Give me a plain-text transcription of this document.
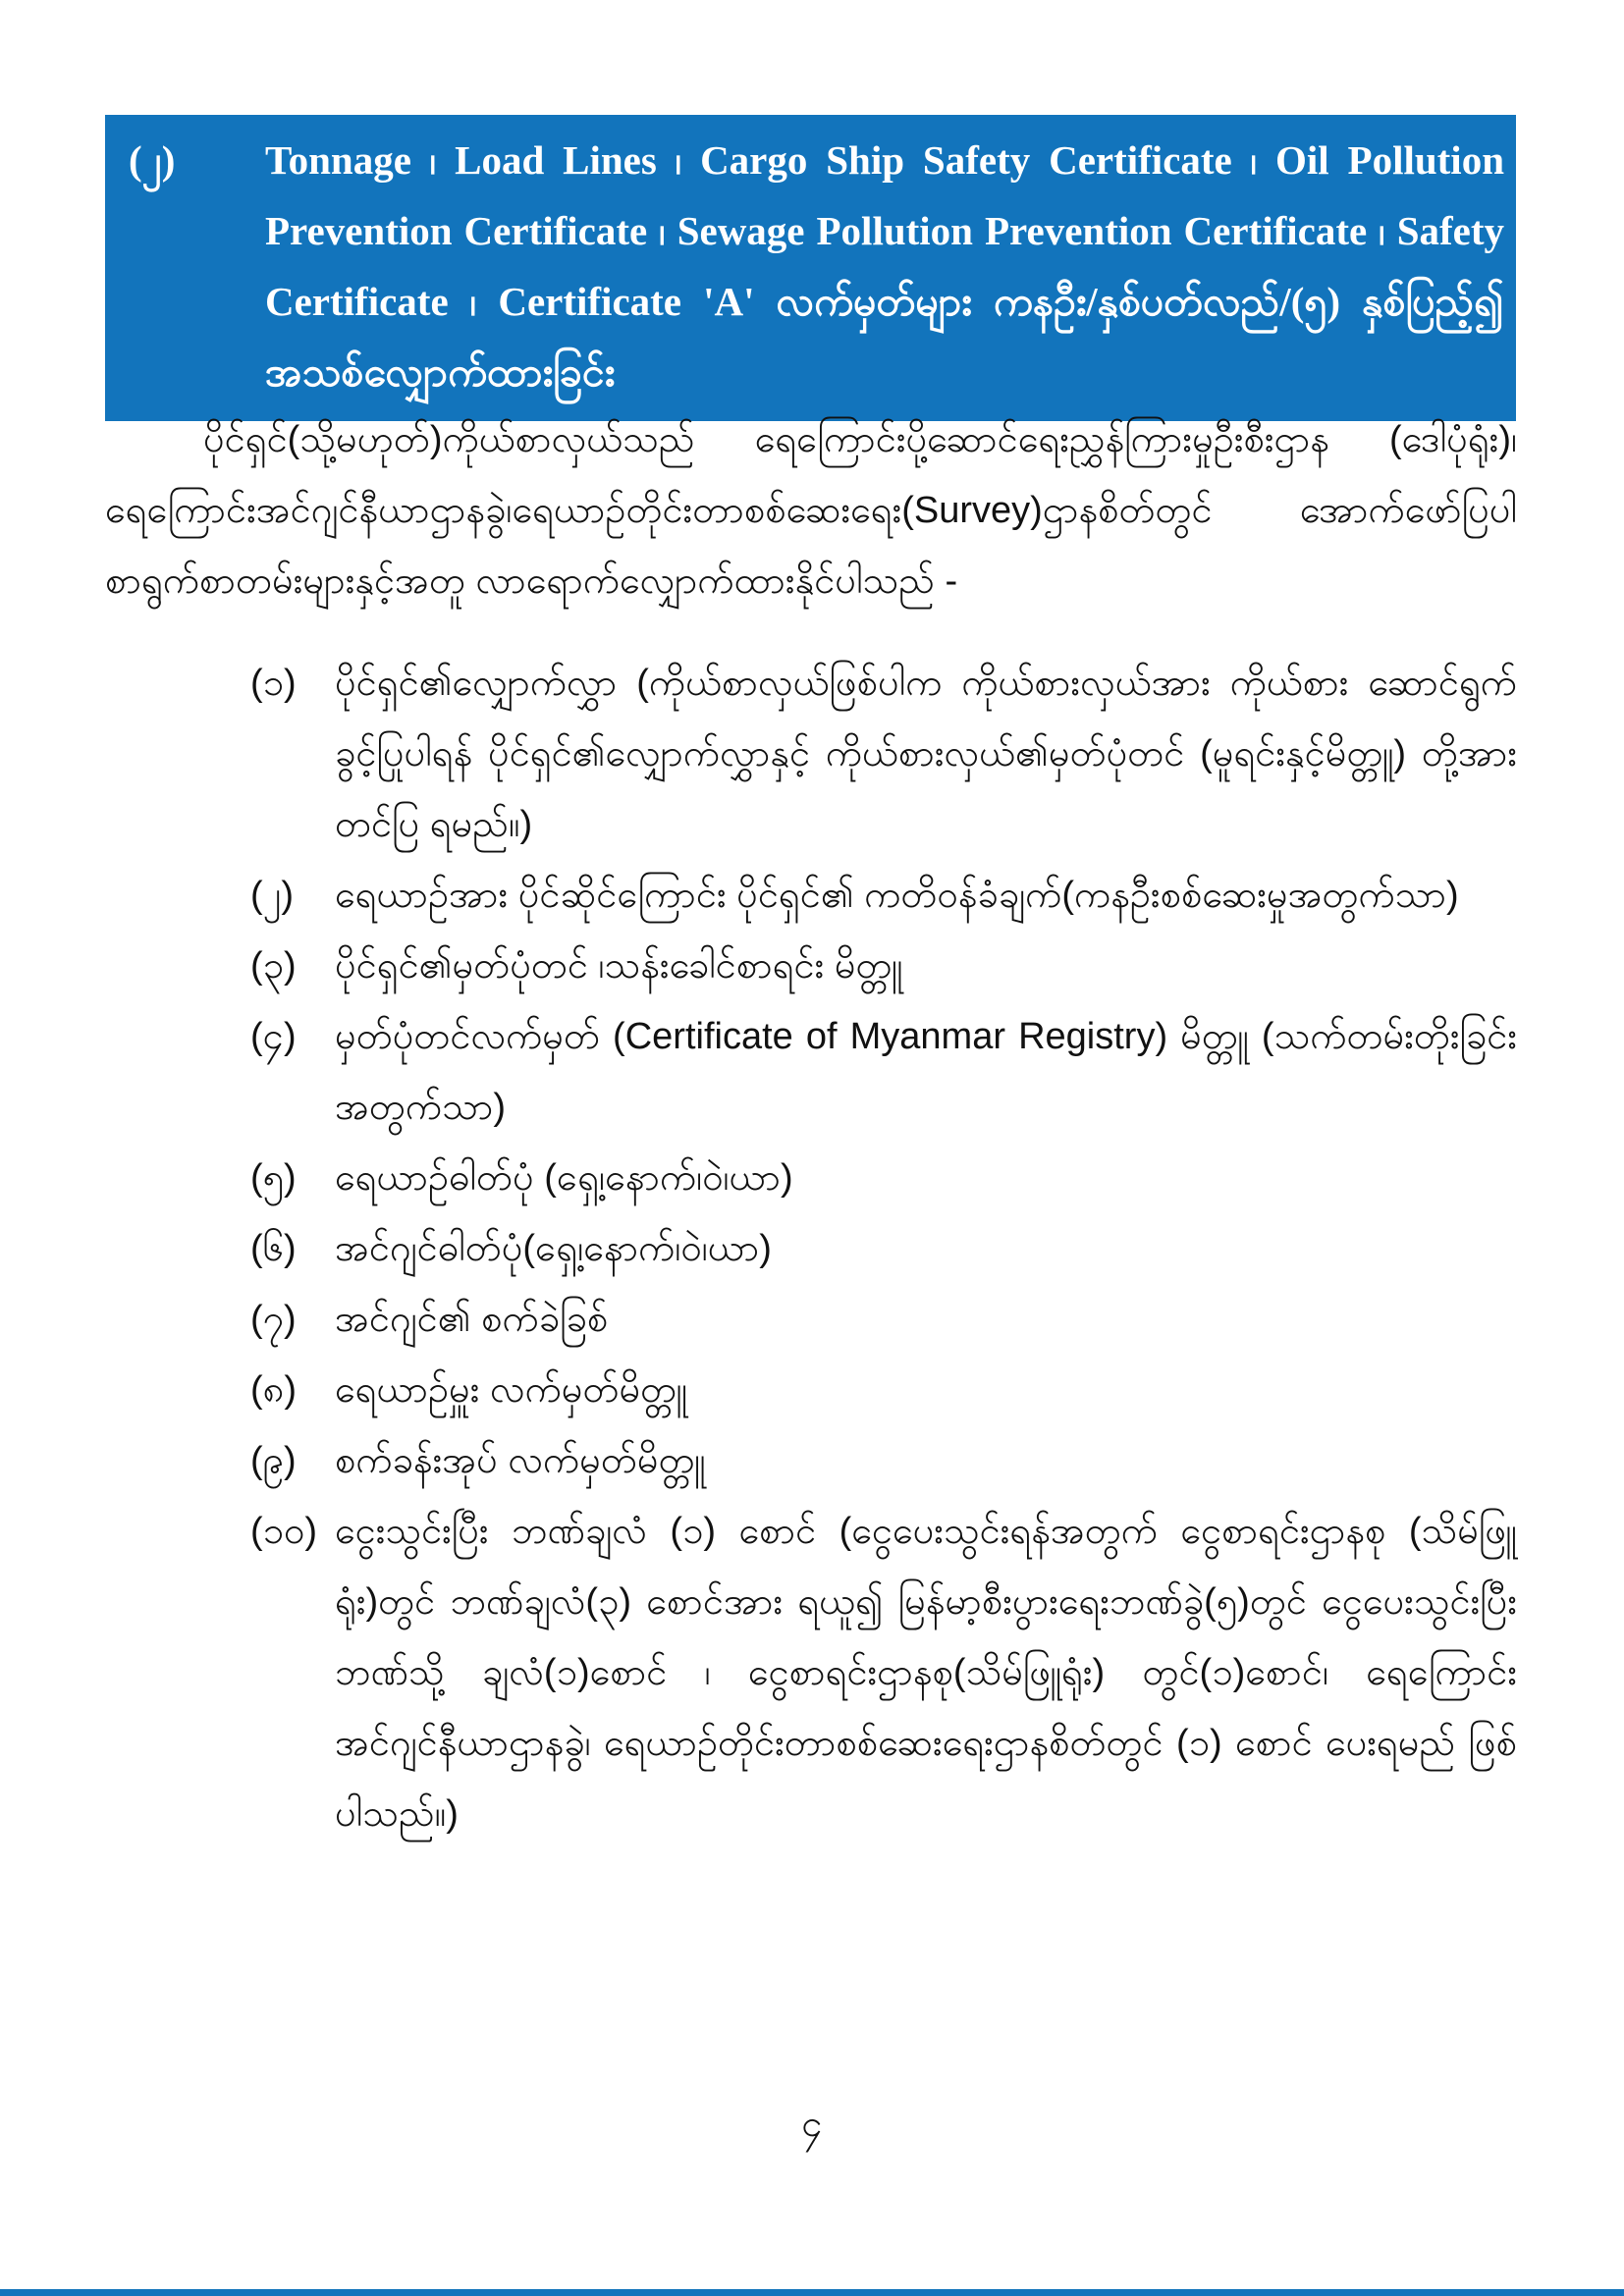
(၂)	Tonnage ၊ Load Lines ၊ Cargo Ship Safety Certificate ၊ Oil Pollution Prevention Certificate ၊ Sewage Pollution Prevention Certificate ၊ Safety Certificate ၊ Certificate 'A' လက်မှတ်များ ကနဦး/နှစ်ပတ်လည်/(၅) နှစ်ပြည့်၍ အသစ်လျှောက်ထားခြင်း
ပိုင်ရှင်(သို့မဟုတ်)ကိုယ်စာလှယ်သည် ရေကြောင်းပို့ဆောင်ရေးညွှန်ကြားမှုဦးစီးဌာန (ဒေါပုံရုံး)၊ ရေကြောင်းအင်ဂျင်နီယာဌာနခွဲ၊ရေယာဉ်တိုင်းတာစစ်ဆေးရေး(Survey)ဌာနစိတ်တွင် အောက်ဖော်ပြပါ စာရွက်စာတမ်းများနှင့်အတူ လာရောက်လျှောက်ထားနိုင်ပါသည် -
(၁)	ပိုင်ရှင်၏လျှောက်လွှာ (ကိုယ်စာလှယ်ဖြစ်ပါက ကိုယ်စားလှယ်အား ကိုယ်စား ဆောင်ရွက်ခွင့်ပြုပါရန် ပိုင်ရှင်၏လျှောက်လွှာနှင့် ကိုယ်စားလှယ်၏မှတ်ပုံတင် (မူရင်းနှင့်မိတ္တူ) တို့အား တင်ပြ ရမည်။)
(၂)	ရေယာဉ်အား ပိုင်ဆိုင်ကြောင်း ပိုင်ရှင်၏ ကတိဝန်ခံချက်(ကနဦးစစ်ဆေးမှုအတွက်သာ)
(၃)	ပိုင်ရှင်၏မှတ်ပုံတင် ၊သန်းခေါင်စာရင်း မိတ္တူ
(၄)	မှတ်ပုံတင်လက်မှတ် (Certificate of Myanmar Registry) မိတ္တူ (သက်တမ်းတိုးခြင်း အတွက်သာ)
(၅)	ရေယာဉ်ဓါတ်ပုံ (ရှေ့၊နောက်၊ဝဲ၊ယာ)
(၆)	အင်ဂျင်ဓါတ်ပုံ(ရှေ့၊နောက်၊ဝဲ၊ယာ)
(၇)	အင်ဂျင်၏ စက်ခဲခြစ်
(၈)	ရေယာဉ်မှူး လက်မှတ်မိတ္တူ
(၉)	စက်ခန်းအုပ် လက်မှတ်မိတ္တူ
(၁၀) ငွေးသွင်းပြီး ဘဏ်ချလံ (၁) စောင် (ငွေပေးသွင်းရန်အတွက် ငွေစာရင်းဌာနစု (သိမ်ဖြူရုံး)တွင် ဘဏ်ချလံ(၃) စောင်အား ရယူ၍ မြန်မာ့စီးပွားရေးဘဏ်ခွဲ(၅)တွင် ငွေပေးသွင်းပြီး ဘဏ်သို့ ချလံ(၁)စောင် ၊ ငွေစာရင်းဌာနစု(သိမ်ဖြူရုံး) တွင်(၁)စောင်၊ ရေကြောင်းအင်ဂျင်နီယာဌာနခွဲ၊ ရေယာဉ်တိုင်းတာစစ်ဆေးရေးဌာနစိတ်တွင် (၁) စောင် ပေးရမည် ဖြစ်ပါသည်။)
၄
